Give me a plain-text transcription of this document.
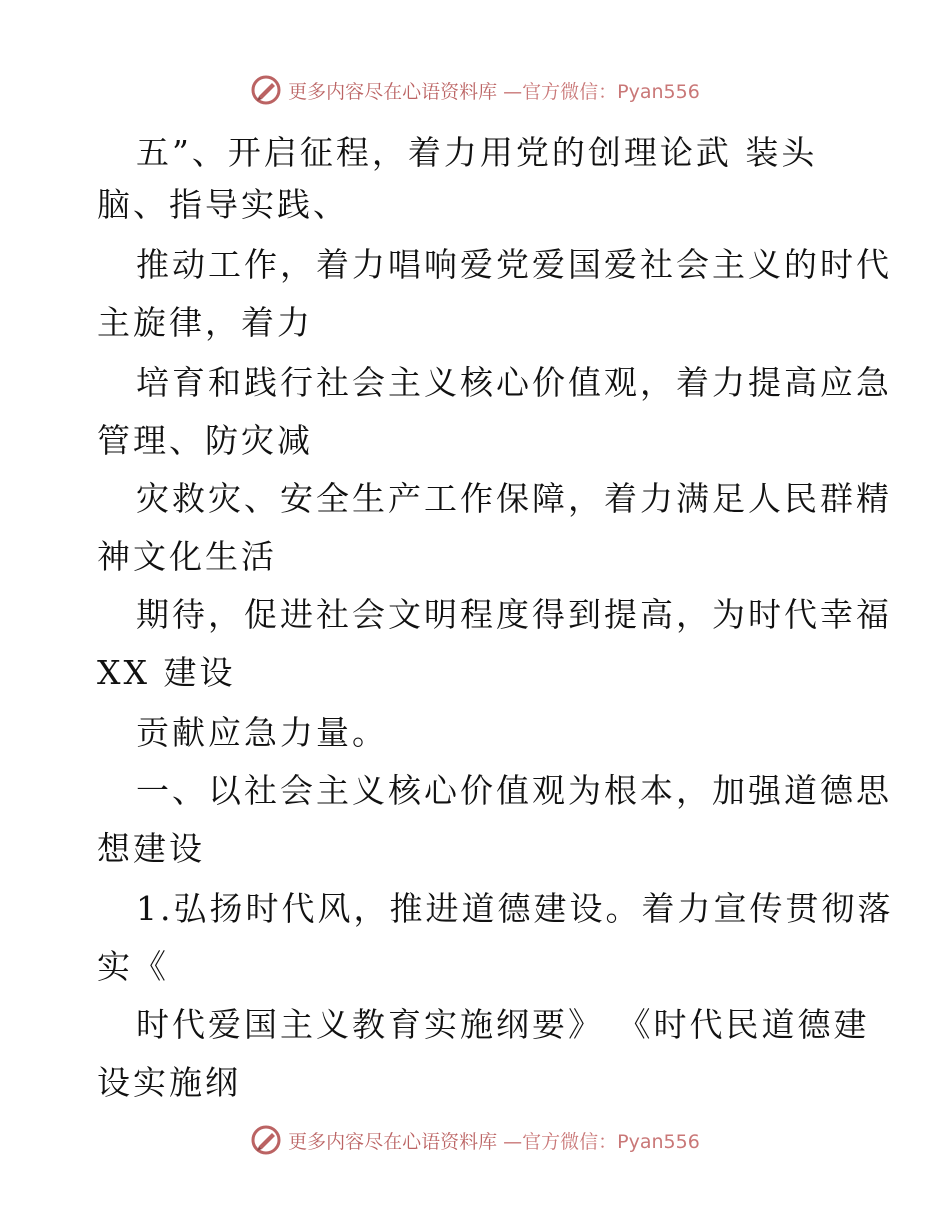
更多内容尽在心语资料库 —官方微信：Pyan556
五”、开启征程，着力用党的创理论武 装头
脑、指导实践、
推动工作，着力唱响爱党爱国爱社会主义的时代
主旋律，着力
培育和践行社会主义核心价值观，着力提高应急
管理、防灾减
灾救灾、安全生产工作保障，着力满足人民群精
神文化生活
期待，促进社会文明程度得到提高，为时代幸福
XX 建设
贡献应急力量。
一、以社会主义核心价值观为根本，加强道德思
想建设
1.弘扬时代风，推进道德建设。着力宣传贯彻落
实《
时代爱国主义教育实施纲要》 《时代民道德建
设实施纲
更多内容尽在心语资料库 —官方微信：Pyan556
